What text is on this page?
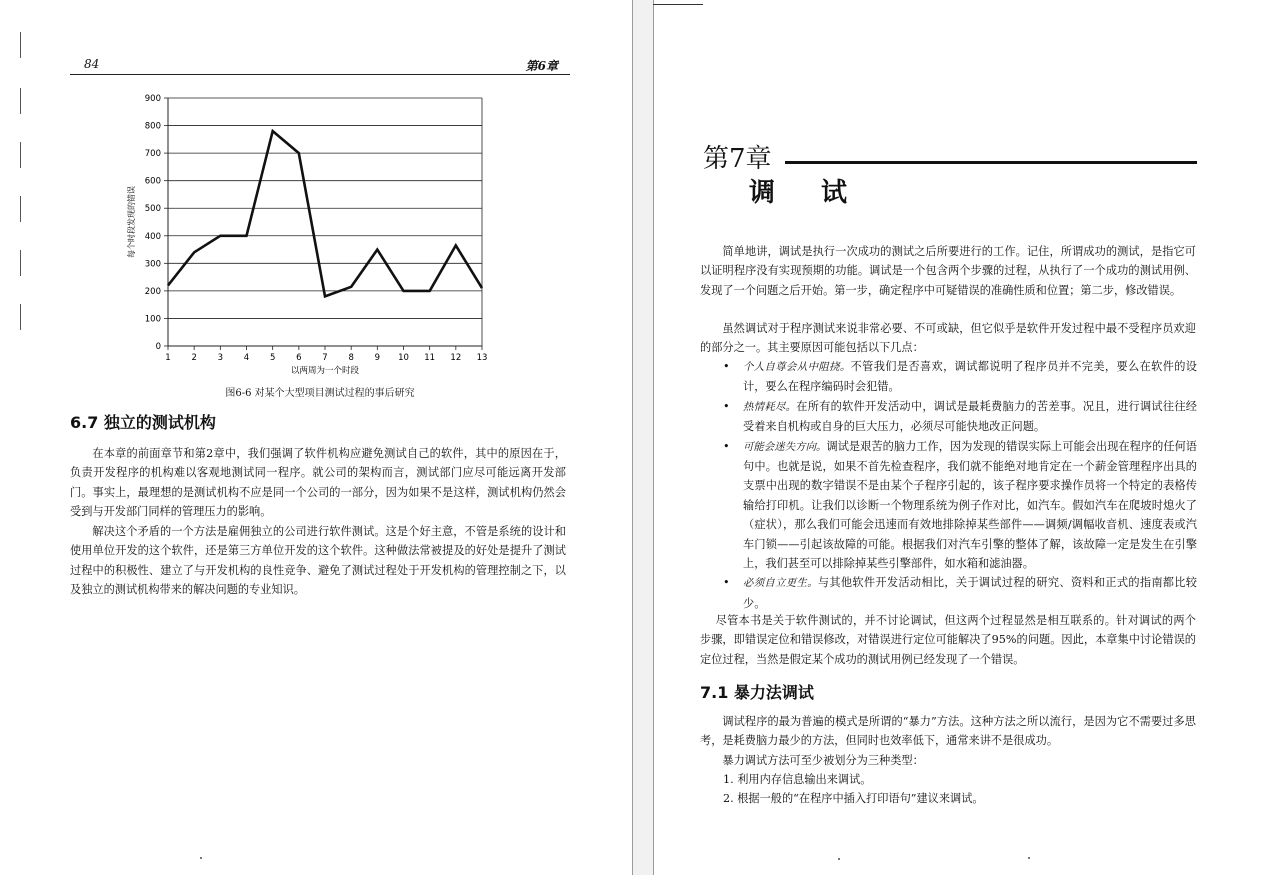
84	第6章
0
100
200
300
400
500
600
700
800
900
1 2 3 4 5 6 7 8 9 10 11 12 13
以两周为一个时段
每个时段发现的错误
图6-6 对某个大型项目测试过程的事后研究
6.7 独立的测试机构

在本章的前面章节和第2章中，我们强调了软件机构应避免测试自己的软件，其中的原因在于，负责开发程序的机构难以客观地测试同一程序。就公司的架构而言，测试部门应尽可能远离开发部门。事实上，最理想的是测试机构不应是同一个公司的一部分，因为如果不是这样，测试机构仍然会受到与开发部门同样的管理压力的影响。

解决这个矛盾的一个方法是雇佣独立的公司进行软件测试。这是个好主意，不管是系统的设计和使用单位开发的这个软件，还是第三方单位开发的这个软件。这种做法常被提及的好处是提升了测试过程中的积极性、建立了与开发机构的良性竞争、避免了测试过程处于开发机构的管理控制之下，以及独立的测试机构带来的解决问题的专业知识。

第7章
调试

简单地讲，调试是执行一次成功的测试之后所要进行的工作。记住，所谓成功的测试，是指它可以证明程序没有实现预期的功能。调试是一个包含两个步骤的过程，从执行了一个成功的测试用例、发现了一个问题之后开始。第一步，确定程序中可疑错误的准确性质和位置；第二步，修改错误。

虽然调试对于程序测试来说非常必要、不可或缺，但它似乎是软件开发过程中最不受程序员欢迎的部分之一。其主要原因可能包括以下几点：

• 个人自尊会从中阻挠。不管我们是否喜欢，调试都说明了程序员并不完美，要么在软件的设计，要么在程序编码时会犯错。
• 热情耗尽。在所有的软件开发活动中，调试是最耗费脑力的苦差事。况且，进行调试往往经受着来自机构或自身的巨大压力，必须尽可能快地改正问题。
• 可能会迷失方向。调试是艰苦的脑力工作，因为发现的错误实际上可能会出现在程序的任何语句中。也就是说，如果不首先检查程序，我们就不能绝对地肯定在一个薪金管理程序出具的支票中出现的数字错误不是由某个子程序引起的，该子程序要求操作员将一个特定的表格传输给打印机。让我们以诊断一个物理系统为例子作对比，如汽车。假如汽车在爬坡时熄火了（症状），那么我们可能会迅速而有效地排除掉某些部件——调频/调幅收音机、速度表或汽车门锁——引起该故障的可能。根据我们对汽车引擎的整体了解，该故障一定是发生在引擎上，我们甚至可以排除掉某些引擎部件，如水箱和滤油器。
• 必须自立更生。与其他软件开发活动相比，关于调试过程的研究、资料和正式的指南都比较少。

尽管本书是关于软件测试的，并不讨论调试，但这两个过程显然是相互联系的。针对调试的两个步骤，即错误定位和错误修改，对错误进行定位可能解决了95%的问题。因此，本章集中讨论错误的定位过程，当然是假定某个成功的测试用例已经发现了一个错误。

7.1 暴力法调试

调试程序的最为普遍的模式是所谓的“暴力”方法。这种方法之所以流行，是因为它不需要过多思考，是耗费脑力最少的方法，但同时也效率低下，通常来讲不是很成功。

暴力调试方法可至少被划分为三种类型：

1. 利用内存信息输出来调试。
2. 根据一般的“在程序中插入打印语句”建议来调试。
